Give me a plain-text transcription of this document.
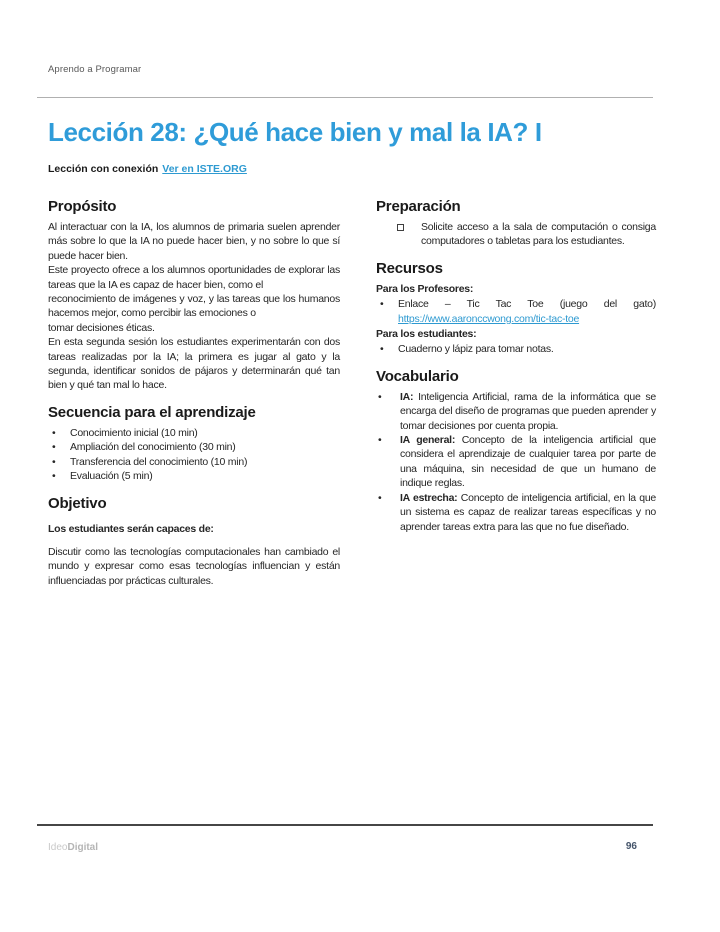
Aprendo a Programar
Lección 28: ¿Qué hace bien y mal la IA? I
Lección con conexión Ver en ISTE.ORG
Propósito

Al interactuar con la IA, los alumnos de primaria suelen aprender más sobre lo que la IA no puede hacer bien, y no sobre lo que sí puede hacer bien.

Este proyecto ofrece a los alumnos oportunidades de explorar las tareas que la IA es capaz de hacer bien, como el

reconocimiento de imágenes y voz, y las tareas que los humanos hacemos mejor, como percibir las emociones o

tomar decisiones éticas.

En esta segunda sesión los estudiantes experimentarán con dos tareas realizadas por la IA; la primera es jugar al gato y la segunda, identificar sonidos de pájaros y determinarán qué tan bien y qué tan mal lo hace.

Secuencia para el aprendizaje
• Conocimiento inicial (10 min)
• Ampliación del conocimiento (30 min)
• Transferencia del conocimiento (10 min)
• Evaluación (5 min)
Objetivo
Los estudiantes serán capaces de:

Discutir como las tecnologías computacionales han cambiado el mundo y expresar como esas tecnologías influencian y están influenciadas por prácticas culturales.

Preparación
Solicite acceso a la sala de computación o consiga computadores o tabletas para los estudiantes.
Recursos
Para los Profesores:
• Enlace – Tic Tac Toe (juego del gato)
https://www.aaronccwong.com/tic-tac-toe
Para los estudiantes:
• Cuaderno y lápiz para tomar notas.
Vocabulario
• IA: Inteligencia Artificial, rama de la informática que se encarga del diseño de programas que pueden aprender y tomar decisiones por cuenta propia.
• IA general: Concepto de la inteligencia artificial que considera el aprendizaje de cualquier tarea por parte de una máquina, sin necesidad de que un humano de indique reglas.
• IA estrecha: Concepto de inteligencia artificial, en la que un sistema es capaz de realizar tareas específicas y no aprender tareas extra para las que no fue diseñado.
IdeoDigital	96
